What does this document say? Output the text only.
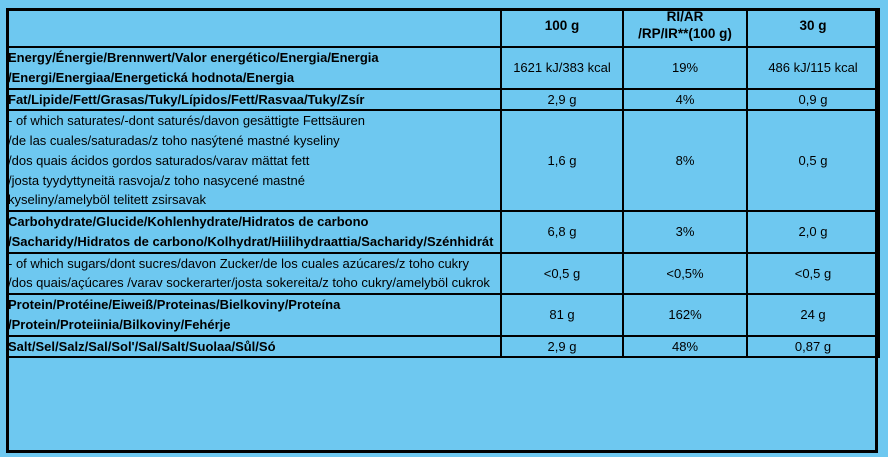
	100 g	RI/AR
/RP/IR**(100 g)	30 g

Energy/Énergie/Brennwert/Valor energético/Energia/Energia
/Energi/Energiaa/Energetická hodnota/Energia	1621 kJ/383 kcal	19%	486 kJ/115 kcal

Fat/Lipide/Fett/Grasas/Tuky/Lípidos/Fett/Rasvaa/Tuky/Zsír	2,9 g	4%	0,9 g

- of which saturates/-dont saturés/davon gesättigte Fettsäuren
/de las cuales/saturadas/z toho nasýtené mastné kyseliny
/dos quais ácidos gordos saturados/varav mättat fett
/josta tyydyttyneitä rasvoja/z toho nasycené mastné
kyseliny/amelyböl telitett zsirsavak	1,6 g	8%	0,5 g

Carbohydrate/Glucide/Kohlenhydrate/Hidratos de carbono
/Sacharidy/Hidratos de carbono/Kolhydrat/Hiilihydraattia/Sacharidy/Szénhidrát	6,8 g	3%	2,0 g

- of which sugars/dont sucres/davon Zucker/de los cuales azúcares/z toho cukry
/dos quais/açúcares /varav sockerarter/josta sokereita/z toho cukry/amelyböl cukrok	<0,5 g	<0,5%	<0,5 g

Protein/Protéine/Eiweiß/Proteinas/Bielkoviny/Proteína
/Protein/Proteiinia/Bilkoviny/Fehérje	81 g	162%	24 g

Salt/Sel/Salz/Sal/Sol'/Sal/Salt/Suolaa/Sůl/Só	2,9 g	48%	0,87 g
